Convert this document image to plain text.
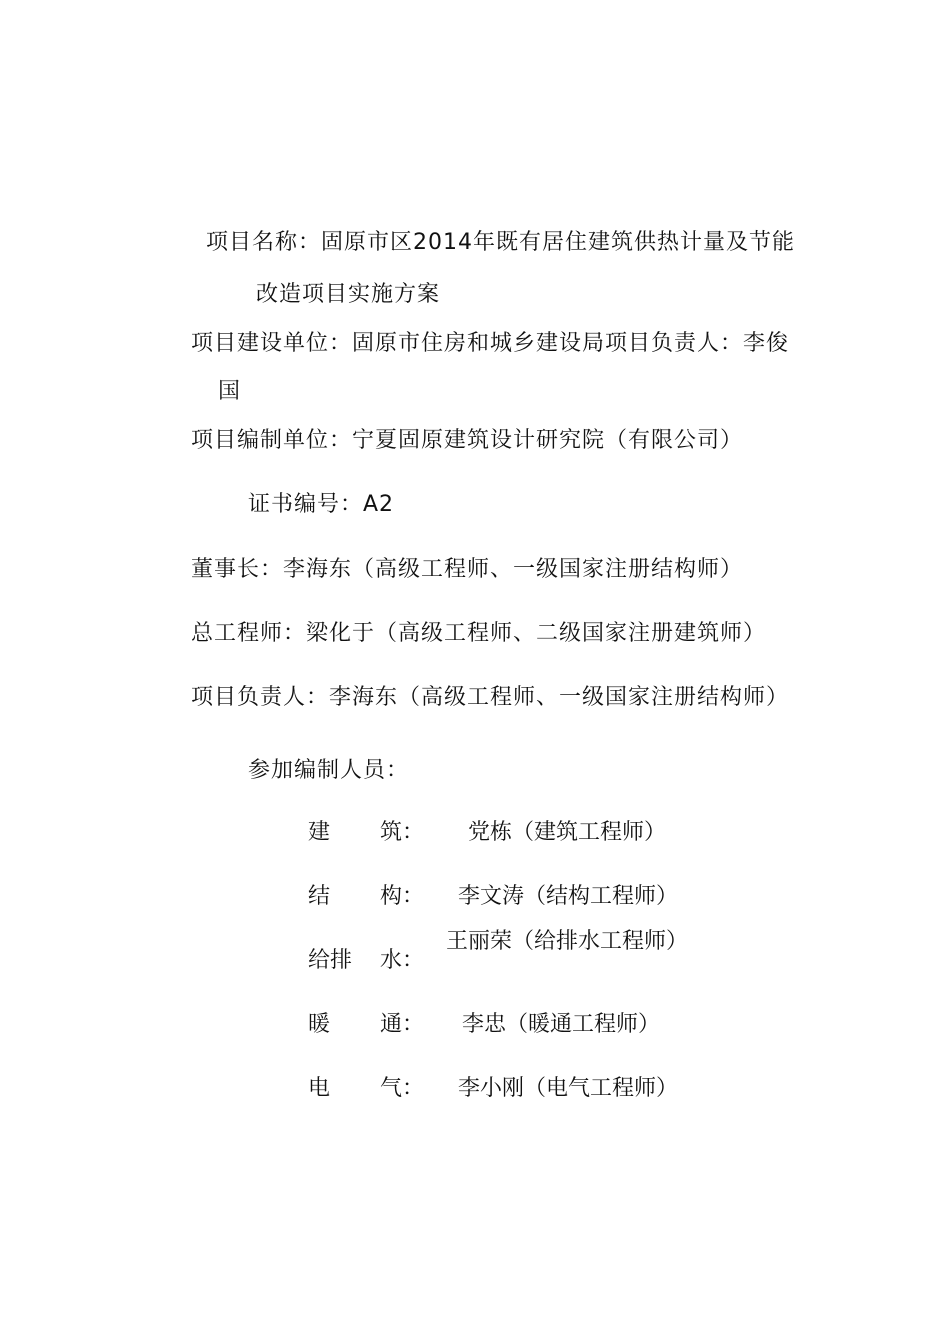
项目名称：固原市区2014年既有居住建筑供热计量及节能
改造项目实施方案
项目建设单位：固原市住房和城乡建设局项目负责人：李俊
国
项目编制单位：宁夏固原建筑设计研究院（有限公司）
证书编号：A2
董事长：李海东（高级工程师、一级国家注册结构师）
总工程师：梁化于（高级工程师、二级国家注册建筑师）
项目负责人：李海东（高级工程师、一级国家注册结构师）
参加编制人员：
建 筑： 党栋（建筑工程师）
结 构： 李文涛（结构工程师）
给排 水：
王丽荣（给排水工程师）
暖 通： 李忠（暖通工程师）
电 气： 李小刚（电气工程师）
